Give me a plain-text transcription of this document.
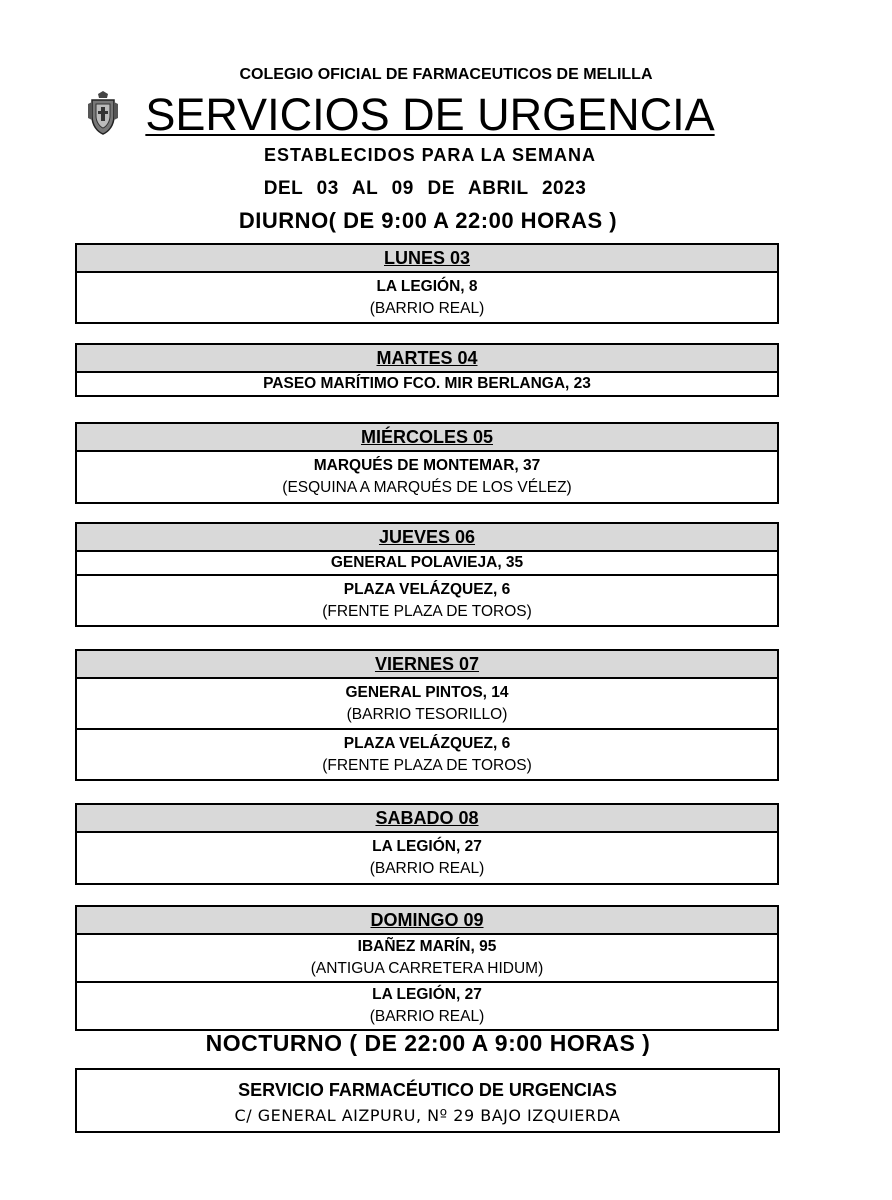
COLEGIO OFICIAL DE FARMACEUTICOS DE MELILLA
SERVICIOS DE URGENCIA
ESTABLECIDOS PARA LA SEMANA
DEL 03 AL 09 DE ABRIL 2023
DIURNO( DE 9:00 A 22:00 HORAS )
LUNES 03
LA LEGIÓN, 8
(BARRIO REAL)
MARTES 04
PASEO MARÍTIMO FCO. MIR BERLANGA, 23
MIÉRCOLES 05
MARQUÉS DE MONTEMAR, 37
(ESQUINA A MARQUÉS DE LOS VÉLEZ)
JUEVES 06
GENERAL POLAVIEJA, 35
PLAZA VELÁZQUEZ, 6
(FRENTE PLAZA DE TOROS)
VIERNES 07
GENERAL PINTOS, 14
(BARRIO TESORILLO)
PLAZA VELÁZQUEZ, 6
(FRENTE PLAZA DE TOROS)
SABADO 08
LA LEGIÓN, 27
(BARRIO REAL)
DOMINGO 09
IBAÑEZ MARÍN, 95
(ANTIGUA CARRETERA HIDUM)
LA LEGIÓN, 27
(BARRIO REAL)
NOCTURNO ( DE 22:00 A 9:00 HORAS )
SERVICIO FARMACÉUTICO DE URGENCIAS
C/ GENERAL AIZPURU, Nº 29 BAJO IZQUIERDA
